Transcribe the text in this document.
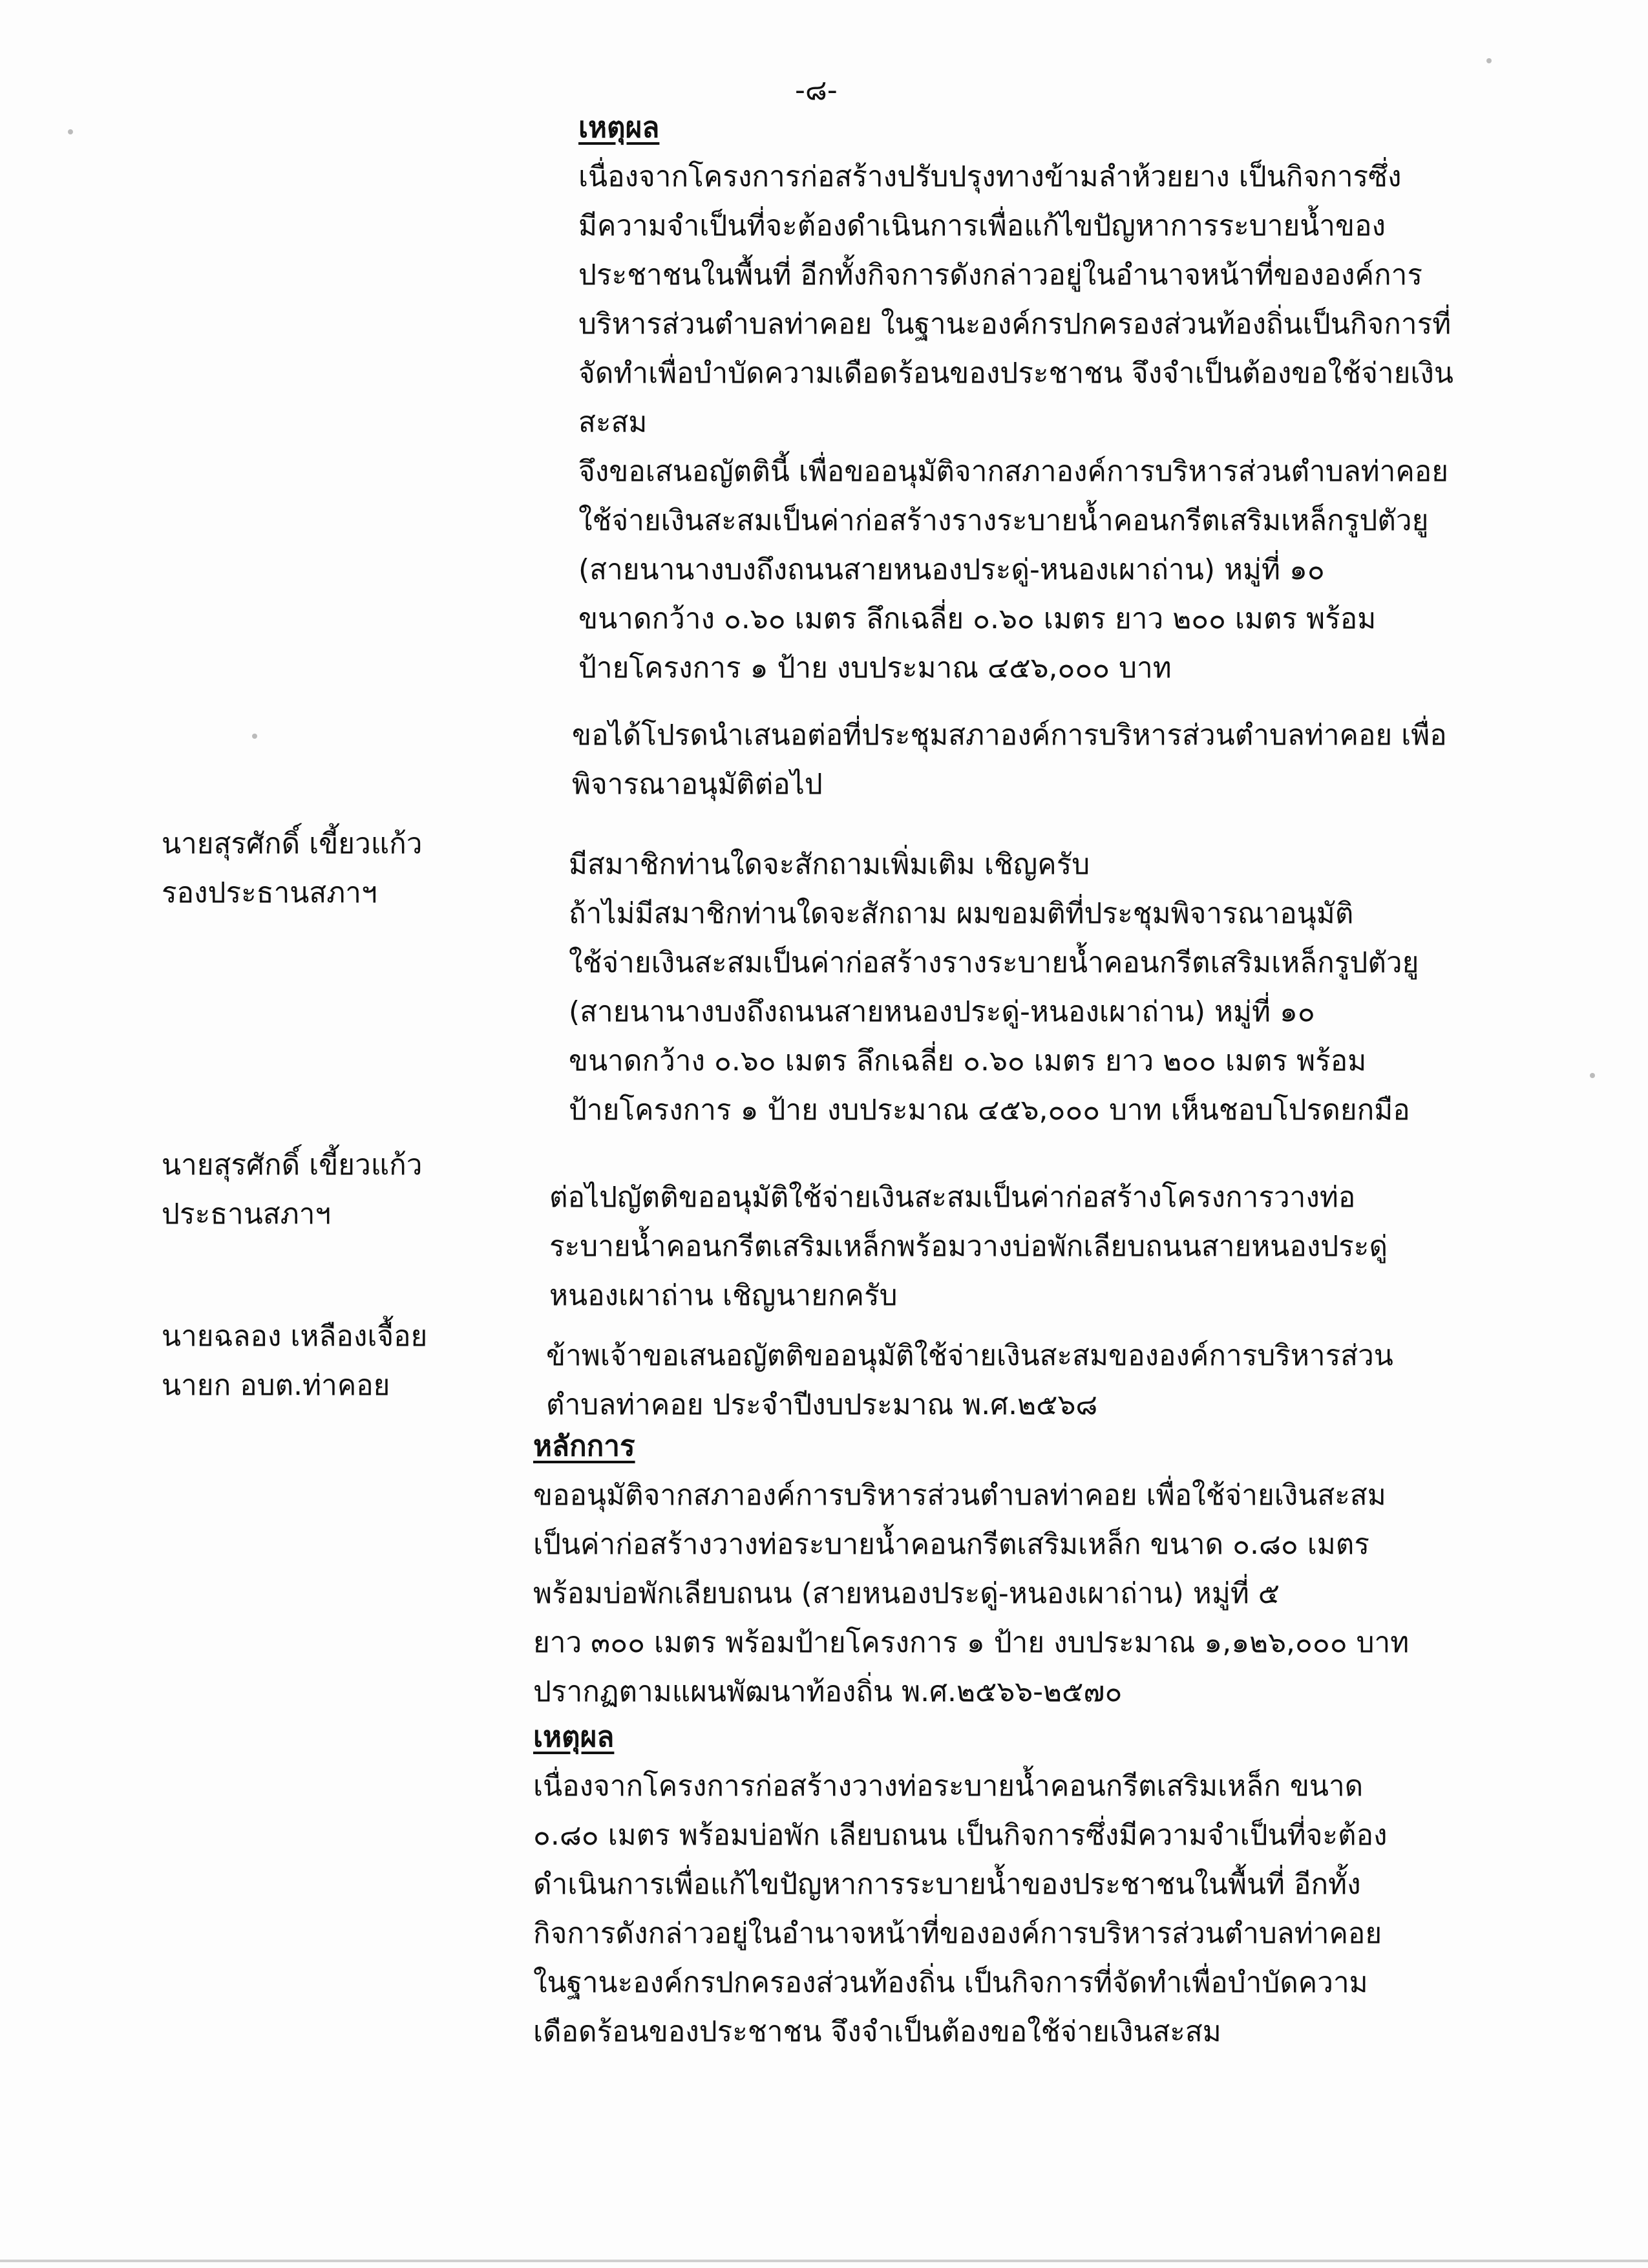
-๘-
เหตุผล
เนื่องจากโครงการก่อสร้างปรับปรุงทางข้ามลำห้วยยาง เป็นกิจการซึ่ง
มีความจำเป็นที่จะต้องดำเนินการเพื่อแก้ไขปัญหาการระบายน้ำของ
ประชาชนในพื้นที่ อีกทั้งกิจการดังกล่าวอยู่ในอำนาจหน้าที่ขององค์การ
บริหารส่วนตำบลท่าคอย ในฐานะองค์กรปกครองส่วนท้องถิ่นเป็นกิจการที่
จัดทำเพื่อบำบัดความเดือดร้อนของประชาชน จึงจำเป็นต้องขอใช้จ่ายเงิน
สะสม
จึงขอเสนอญัตตินี้ เพื่อขออนุมัติจากสภาองค์การบริหารส่วนตำบลท่าคอย
ใช้จ่ายเงินสะสมเป็นค่าก่อสร้างรางระบายน้ำคอนกรีตเสริมเหล็กรูปตัวยู
(สายนานางบงถึงถนนสายหนองประดู่-หนองเผาถ่าน) หมู่ที่ ๑๐
ขนาดกว้าง ๐.๖๐ เมตร ลึกเฉลี่ย ๐.๖๐ เมตร ยาว ๒๐๐ เมตร พร้อม
ป้ายโครงการ ๑ ป้าย งบประมาณ ๔๕๖,๐๐๐ บาท
ขอได้โปรดนำเสนอต่อที่ประชุมสภาองค์การบริหารส่วนตำบลท่าคอย เพื่อ
พิจารณาอนุมัติต่อไป
นายสุรศักดิ์ เขี้ยวแก้ว
รองประธานสภาฯ
มีสมาชิกท่านใดจะสักถามเพิ่มเติม เชิญครับ
ถ้าไม่มีสมาชิกท่านใดจะสักถาม ผมขอมติที่ประชุมพิจารณาอนุมัติ
ใช้จ่ายเงินสะสมเป็นค่าก่อสร้างรางระบายน้ำคอนกรีตเสริมเหล็กรูปตัวยู
(สายนานางบงถึงถนนสายหนองประดู่-หนองเผาถ่าน) หมู่ที่ ๑๐
ขนาดกว้าง ๐.๖๐ เมตร ลึกเฉลี่ย ๐.๖๐ เมตร ยาว ๒๐๐ เมตร พร้อม
ป้ายโครงการ ๑ ป้าย งบประมาณ ๔๕๖,๐๐๐ บาท เห็นชอบโปรดยกมือ
นายสุรศักดิ์ เขี้ยวแก้ว
ประธานสภาฯ
ต่อไปญัตติขออนุมัติใช้จ่ายเงินสะสมเป็นค่าก่อสร้างโครงการวางท่อ
ระบายน้ำคอนกรีตเสริมเหล็กพร้อมวางบ่อพักเลียบถนนสายหนองประดู่
หนองเผาถ่าน เชิญนายกครับ
นายฉลอง เหลืองเจื้อย
นายก อบต.ท่าคอย
ข้าพเจ้าขอเสนอญัตติขออนุมัติใช้จ่ายเงินสะสมขององค์การบริหารส่วน
ตำบลท่าคอย ประจำปีงบประมาณ พ.ศ.๒๕๖๘
หลักการ
ขออนุมัติจากสภาองค์การบริหารส่วนตำบลท่าคอย เพื่อใช้จ่ายเงินสะสม
เป็นค่าก่อสร้างวางท่อระบายน้ำคอนกรีตเสริมเหล็ก ขนาด ๐.๘๐ เมตร
พร้อมบ่อพักเลียบถนน (สายหนองประดู่-หนองเผาถ่าน) หมู่ที่ ๕
ยาว ๓๐๐ เมตร พร้อมป้ายโครงการ ๑ ป้าย งบประมาณ ๑,๑๒๖,๐๐๐ บาท
ปรากฏตามแผนพัฒนาท้องถิ่น พ.ศ.๒๕๖๖-๒๕๗๐
เหตุผล
เนื่องจากโครงการก่อสร้างวางท่อระบายน้ำคอนกรีตเสริมเหล็ก ขนาด
๐.๘๐ เมตร พร้อมบ่อพัก เลียบถนน เป็นกิจการซึ่งมีความจำเป็นที่จะต้อง
ดำเนินการเพื่อแก้ไขปัญหาการระบายน้ำของประชาชนในพื้นที่ อีกทั้ง
กิจการดังกล่าวอยู่ในอำนาจหน้าที่ขององค์การบริหารส่วนตำบลท่าคอย
ในฐานะองค์กรปกครองส่วนท้องถิ่น เป็นกิจการที่จัดทำเพื่อบำบัดความ
เดือดร้อนของประชาชน จึงจำเป็นต้องขอใช้จ่ายเงินสะสม
